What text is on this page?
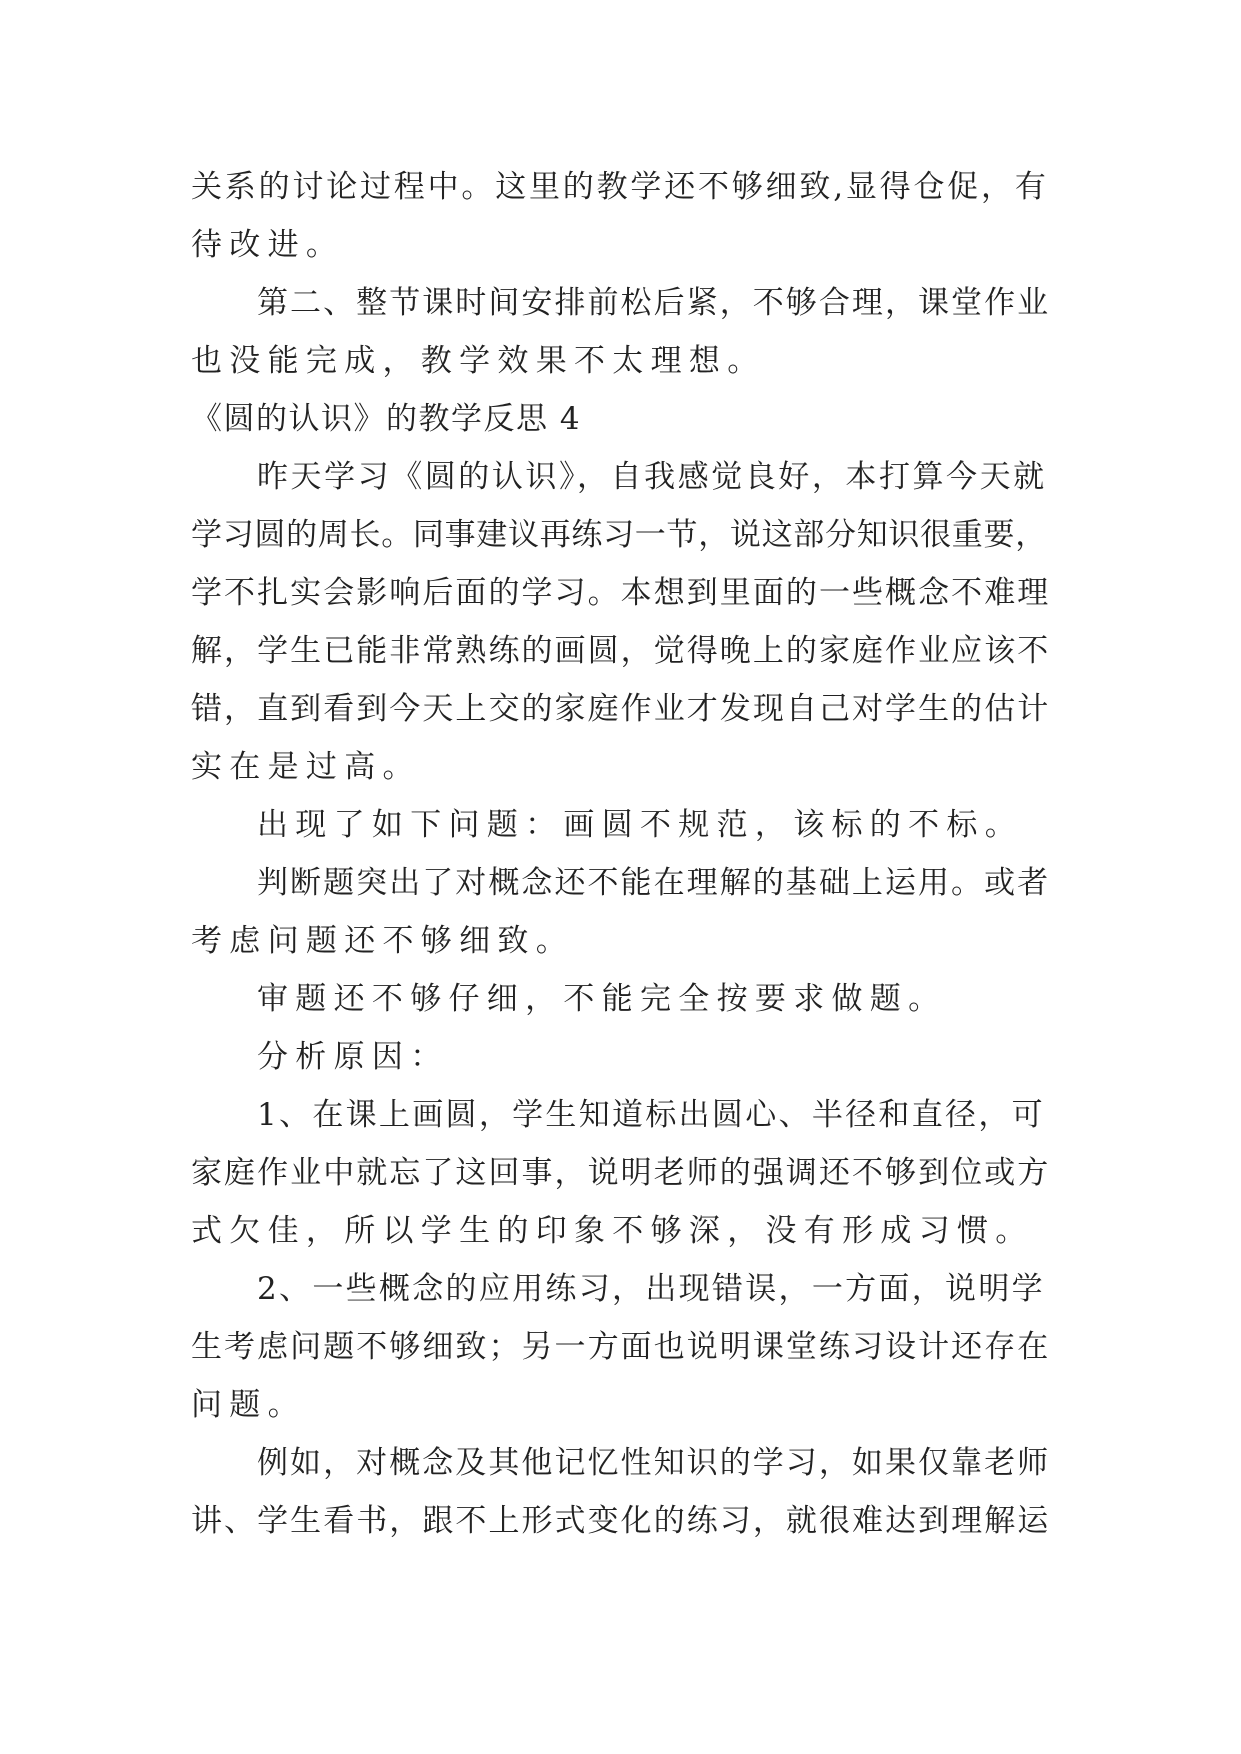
关系的讨论过程中。这里的教学还不够细致,显得仓促，有
待改进。
第二、整节课时间安排前松后紧，不够合理，课堂作业
也没能完成，教学效果不太理想。
《圆的认识》的教学反思 4
昨天学习《圆的认识》，自我感觉良好，本打算今天就
学习圆的周长。同事建议再练习一节，说这部分知识很重要，
学不扎实会影响后面的学习。本想到里面的一些概念不难理
解，学生已能非常熟练的画圆，觉得晚上的家庭作业应该不
错，直到看到今天上交的家庭作业才发现自己对学生的估计
实在是过高。
出现了如下问题：画圆不规范，该标的不标。
判断题突出了对概念还不能在理解的基础上运用。或者
考虑问题还不够细致。
审题还不够仔细，不能完全按要求做题。
分析原因：
1、在课上画圆，学生知道标出圆心、半径和直径，可
家庭作业中就忘了这回事，说明老师的强调还不够到位或方
式欠佳，所以学生的印象不够深，没有形成习惯。
2、一些概念的应用练习，出现错误，一方面，说明学
生考虑问题不够细致；另一方面也说明课堂练习设计还存在
问题。
例如，对概念及其他记忆性知识的学习，如果仅靠老师
讲、学生看书，跟不上形式变化的练习，就很难达到理解运
